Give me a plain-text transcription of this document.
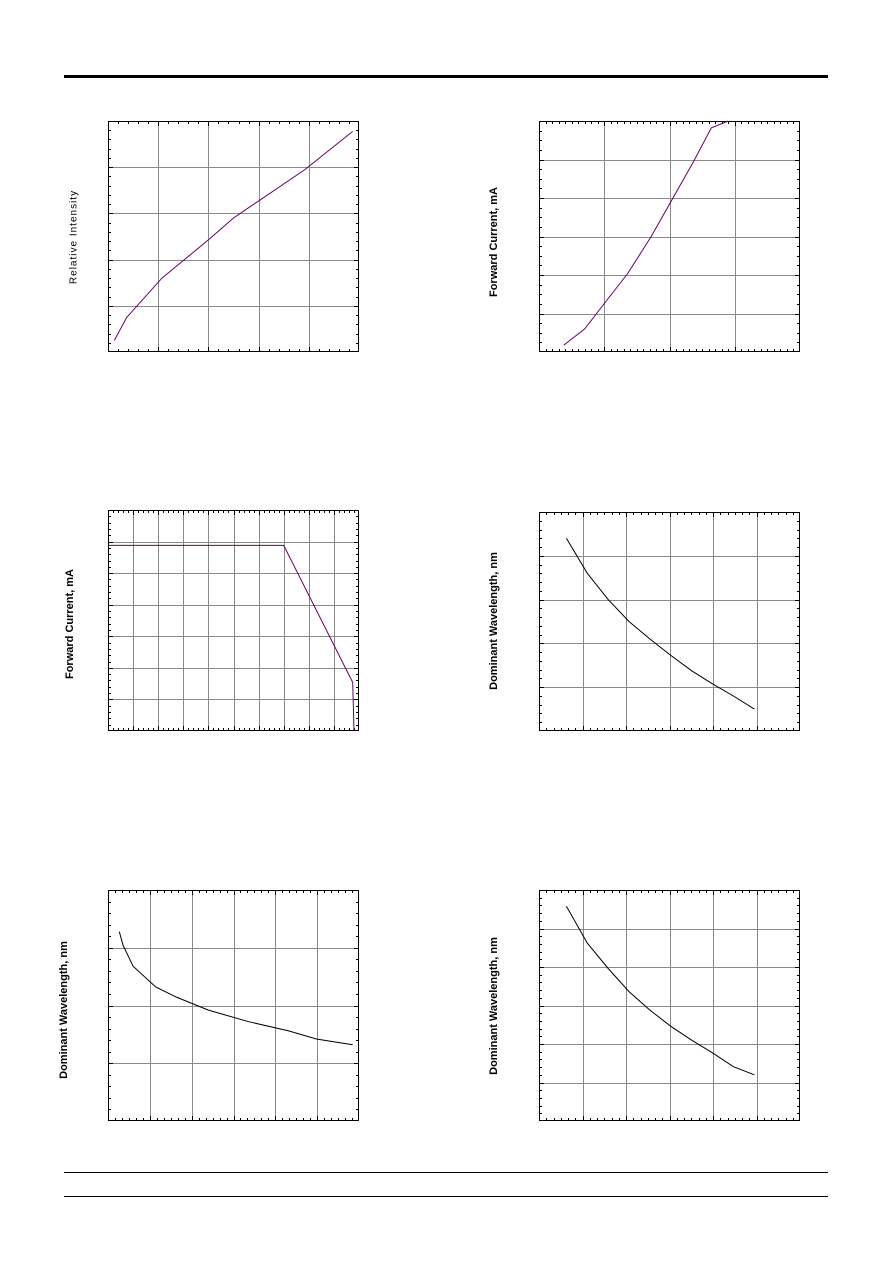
Relative Intensity	Forward Current, mA
Forward Current, mA	Dominant Wavelength, nm
Dominant Wavelength, nm	Dominant Wavelength, nm
